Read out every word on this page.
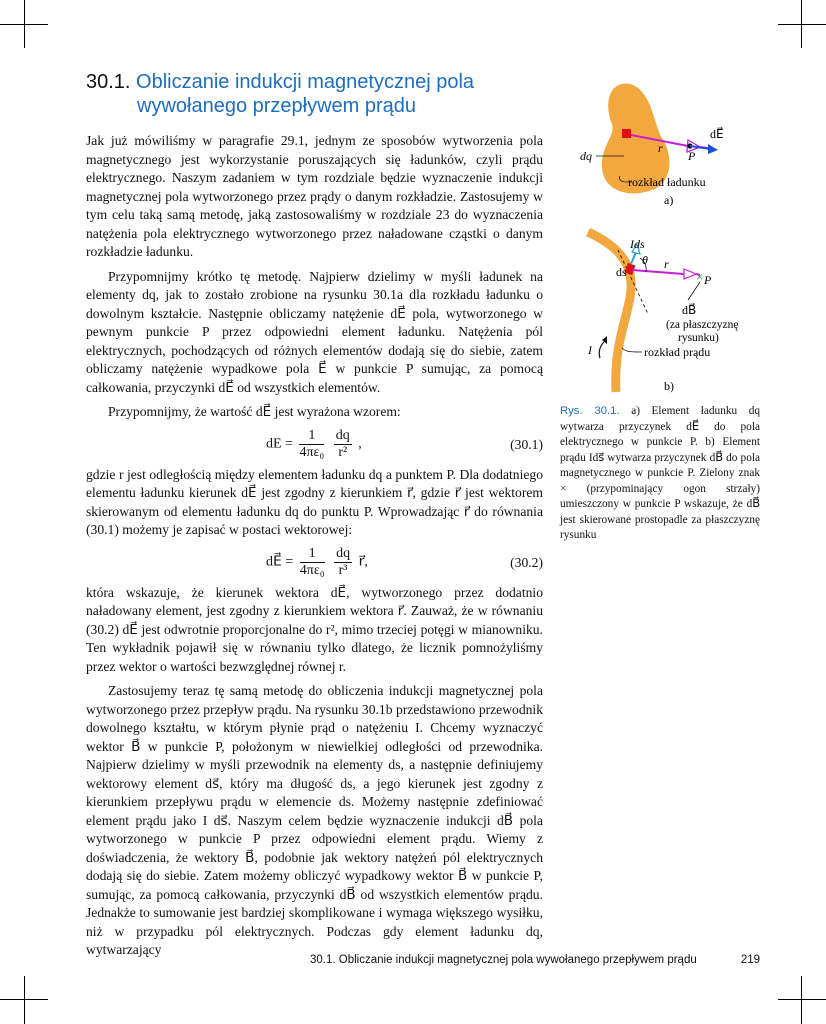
30.1. Obliczanie indukcji magnetycznej pola
wywołanego przepływem prądu

Jak już mówiliśmy w paragrafie 29.1, jednym ze sposobów wytworzenia pola magnetycznego jest wykorzystanie poruszających się ładunków, czyli prądu elektrycznego. Naszym zadaniem w tym rozdziale będzie wyznaczenie indukcji magnetycznej pola wytworzonego przez prądy o danym rozkładzie. Zastosujemy w tym celu taką samą metodę, jaką zastosowaliśmy w rozdziale 23 do wyznaczenia natężenia pola elektrycznego wytworzonego przez naładowane cząstki o danym rozkładzie ładunku.

Przypomnijmy krótko tę metodę. Najpierw dzielimy w myśli ładunek na elementy dq, jak to zostało zrobione na rysunku 30.1a dla rozkładu ładunku o dowolnym kształcie. Następnie obliczamy natężenie dE⃗ pola, wytworzonego w pewnym punkcie P przez odpowiedni element ładunku. Natężenia pól elektrycznych, pochodzących od różnych elementów dodają się do siebie, zatem obliczamy natężenie wypadkowe pola E⃗ w punkcie P sumując, za pomocą całkowania, przyczynki dE⃗ od wszystkich elementów.

Przypomnijmy, że wartość dE⃗ jest wyrażona wzorem:

dE = $\frac{1}{\text{4πε₀}}$
$\frac{dq}{\text{r²}}$ ,	(30.1)

gdzie r jest odległością między elementem ładunku dq a punktem P. Dla dodatniego elementu ładunku kierunek dE⃗ jest zgodny z kierunkiem r⃗, gdzie r⃗ jest wektorem skierowanym od elementu ładunku dq do punktu P. Wprowadzając r⃗ do równania (30.1) możemy je zapisać w postaci wektorowej:

dE⃗ = $\frac{1}{\text{4πε₀}}$
$\frac{dq}{\text{r³}}$ r⃗,	(30.2)

która wskazuje, że kierunek wektora dE⃗, wytworzonego przez dodatnio naładowany element, jest zgodny z kierunkiem wektora r⃗. Zauważ, że w równaniu (30.2) dE⃗ jest odwrotnie proporcjonalne do r², mimo trzeciej potęgi w mianowniku. Ten wykładnik pojawił się w równaniu tylko dlatego, że licznik pomnożyliśmy przez wektor o wartości bezwzględnej równej r.

Zastosujemy teraz tę samą metodę do obliczenia indukcji magnetycznej pola wytworzonego przez przepływ prądu. Na rysunku 30.1b przedstawiono przewodnik dowolnego kształtu, w którym płynie prąd o natężeniu I. Chcemy wyznaczyć wektor B⃗ w punkcie P, położonym w niewielkiej odległości od przewodnika. Najpierw dzielimy w myśli przewodnik na elementy ds, a następnie definiujemy wektorowy element ds⃗, który ma długość ds, a jego kierunek jest zgodny z kierunkiem przepływu prądu w elemencie ds. Możemy następnie zdefiniować element prądu jako I ds⃗. Naszym celem będzie wyznaczenie indukcji dB⃗ pola wytworzonego w punkcie P przez odpowiedni element prądu. Wiemy z doświadczenia, że wektory B⃗, podobnie jak wektory natężeń pól elektrycznych dodają się do siebie. Zatem możemy obliczyć wypadkowy wektor B⃗ w punkcie P, sumując, za pomocą całkowania, przyczynki dB⃗ od wszystkich elementów prądu. Jednakże to sumowanie jest bardziej skomplikowane i wymaga większego wysiłku, niż w przypadku pól elektrycznych. Podczas gdy element ładunku dq, wytwarzający

dq
r⃗
P
dE⃗
rozkład ładunku
a)
×
Ids⃗
θ
ds
r⃗
P
dB⃗
(za płaszczyznę
rysunku)
I	rozkład prądu
b)
Rys. 30.1. a) Element ładunku dq wytwarza przyczynek dE⃗ do pola elektrycznego w punkcie P. b) Element prądu Ids⃗ wytwarza przyczynek dB⃗ do pola magnetycznego w punkcie P. Zielony znak × (przypominający ogon strzały) umieszczony w punkcie P wskazuje, że dB⃗ jest skierowane prostopadle za płaszczyznę rysunku
30.1. Obliczanie indukcji magnetycznej pola wywołanego przepływem prądu	219
